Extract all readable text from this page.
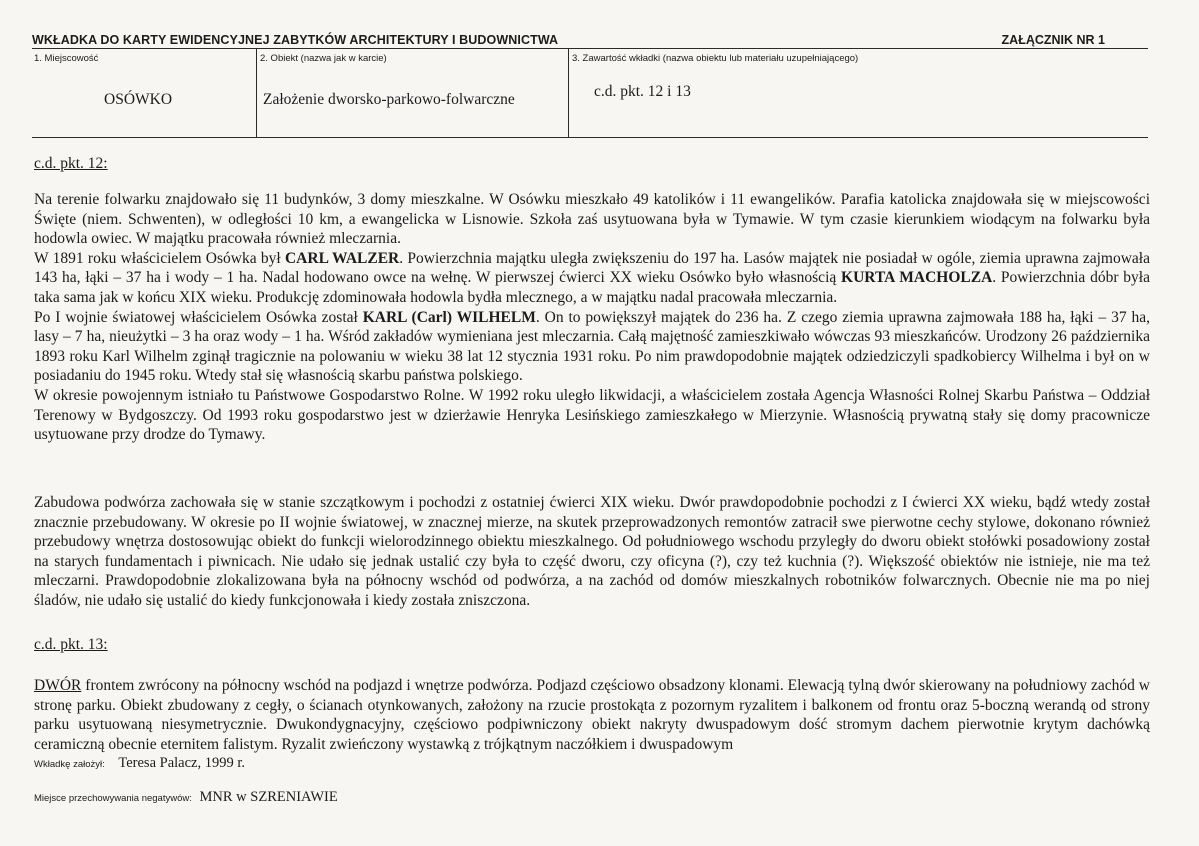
WKŁADKA DO KARTY EWIDENCYJNEJ ZABYTKÓW ARCHITEKTURY I BUDOWNICTWA	ZAŁĄCZNIK NR 1
1. Miejscowość
OSÓWKO
2. Obiekt (nazwa jak w karcie)
Założenie dworsko-parkowo-folwarczne
3. Zawartość wkładki (nazwa obiektu lub materiału uzupełniającego)
c.d. pkt. 12 i 13
c.d. pkt. 12:

Na terenie folwarku znajdowało się 11 budynków, 3 domy mieszkalne. W Osówku mieszkało 49 katolików i 11 ewangelików. Parafia katolicka znajdowała się w miejscowości Święte (niem. Schwenten), w odległości 10 km, a ewangelicka w Lisnowie. Szkoła zaś usytuowana była w Tymawie. W tym czasie kierunkiem wiodącym na folwarku była hodowla owiec. W majątku pracowała również mleczarnia.

W 1891 roku właścicielem Osówka był CARL WALZER. Powierzchnia majątku uległa zwiększeniu do 197 ha. Lasów majątek nie posiadał w ogóle, ziemia uprawna zajmowała 143 ha, łąki – 37 ha i wody – 1 ha. Nadal hodowano owce na wełnę. W pierwszej ćwierci XX wieku Osówko było własnością KURTA MACHOLZA. Powierzchnia dóbr była taka sama jak w końcu XIX wieku. Produkcję zdominowała hodowla bydła mlecznego, a w majątku nadal pracowała mleczarnia.

Po I wojnie światowej właścicielem Osówka został KARL (Carl) WILHELM. On to powiększył majątek do 236 ha. Z czego ziemia uprawna zajmowała 188 ha, łąki – 37 ha, lasy – 7 ha, nieużytki – 3 ha oraz wody – 1 ha. Wśród zakładów wymieniana jest mleczarnia. Całą majętność zamieszkiwało wówczas 93 mieszkańców. Urodzony 26 października 1893 roku Karl Wilhelm zginął tragicznie na polowaniu w wieku 38 lat 12 stycznia 1931 roku. Po nim prawdopodobnie majątek odziedziczyli spadkobiercy Wilhelma i był on w posiadaniu do 1945 roku. Wtedy stał się własnością skarbu państwa polskiego.

W okresie powojennym istniało tu Państwowe Gospodarstwo Rolne. W 1992 roku uległo likwidacji, a właścicielem została Agencja Własności Rolnej Skarbu Państwa – Oddział Terenowy w Bydgoszczy. Od 1993 roku gospodarstwo jest w dzierżawie Henryka Lesińskiego zamieszkałego w Mierzynie. Własnością prywatną stały się domy pracownicze usytuowane przy drodze do Tymawy.

Zabudowa podwórza zachowała się w stanie szczątkowym i pochodzi z ostatniej ćwierci XIX wieku. Dwór prawdopodobnie pochodzi z I ćwierci XX wieku, bądź wtedy został znacznie przebudowany. W okresie po II wojnie światowej, w znacznej mierze, na skutek przeprowadzonych remontów zatracił swe pierwotne cechy stylowe, dokonano również przebudowy wnętrza dostosowując obiekt do funkcji wielorodzinnego obiektu mieszkalnego. Od południowego wschodu przyległy do dworu obiekt stołówki posadowiony został na starych fundamentach i piwnicach. Nie udało się jednak ustalić czy była to część dworu, czy oficyna (?), czy też kuchnia (?). Większość obiektów nie istnieje, nie ma też mleczarni. Prawdopodobnie zlokalizowana była na północny wschód od podwórza, a na zachód od domów mieszkalnych robotników folwarcznych. Obecnie nie ma po niej śladów, nie udało się ustalić do kiedy funkcjonowała i kiedy została zniszczona.

c.d. pkt. 13:

DWÓR frontem zwrócony na północny wschód na podjazd i wnętrze podwórza. Podjazd częściowo obsadzony klonami. Elewacją tylną dwór skierowany na południowy zachód w stronę parku. Obiekt zbudowany z cegły, o ścianach otynkowanych, założony na rzucie prostokąta z pozornym ryzalitem i balkonem od frontu oraz 5-boczną werandą od strony parku usytuowaną niesymetrycznie. Dwukondygnacyjny, częściowo podpiwniczony obiekt nakryty dwuspadowym dość stromym dachem pierwotnie krytym dachówką ceramiczną obecnie eternitem falistym. Ryzalit zwieńczony wystawką z trójkątnym naczółkiem i dwuspadowym

Wkładkę założył: Teresa Palacz, 1999 r.
Miejsce przechowywania negatywów: MNR w SZRENIAWIE
